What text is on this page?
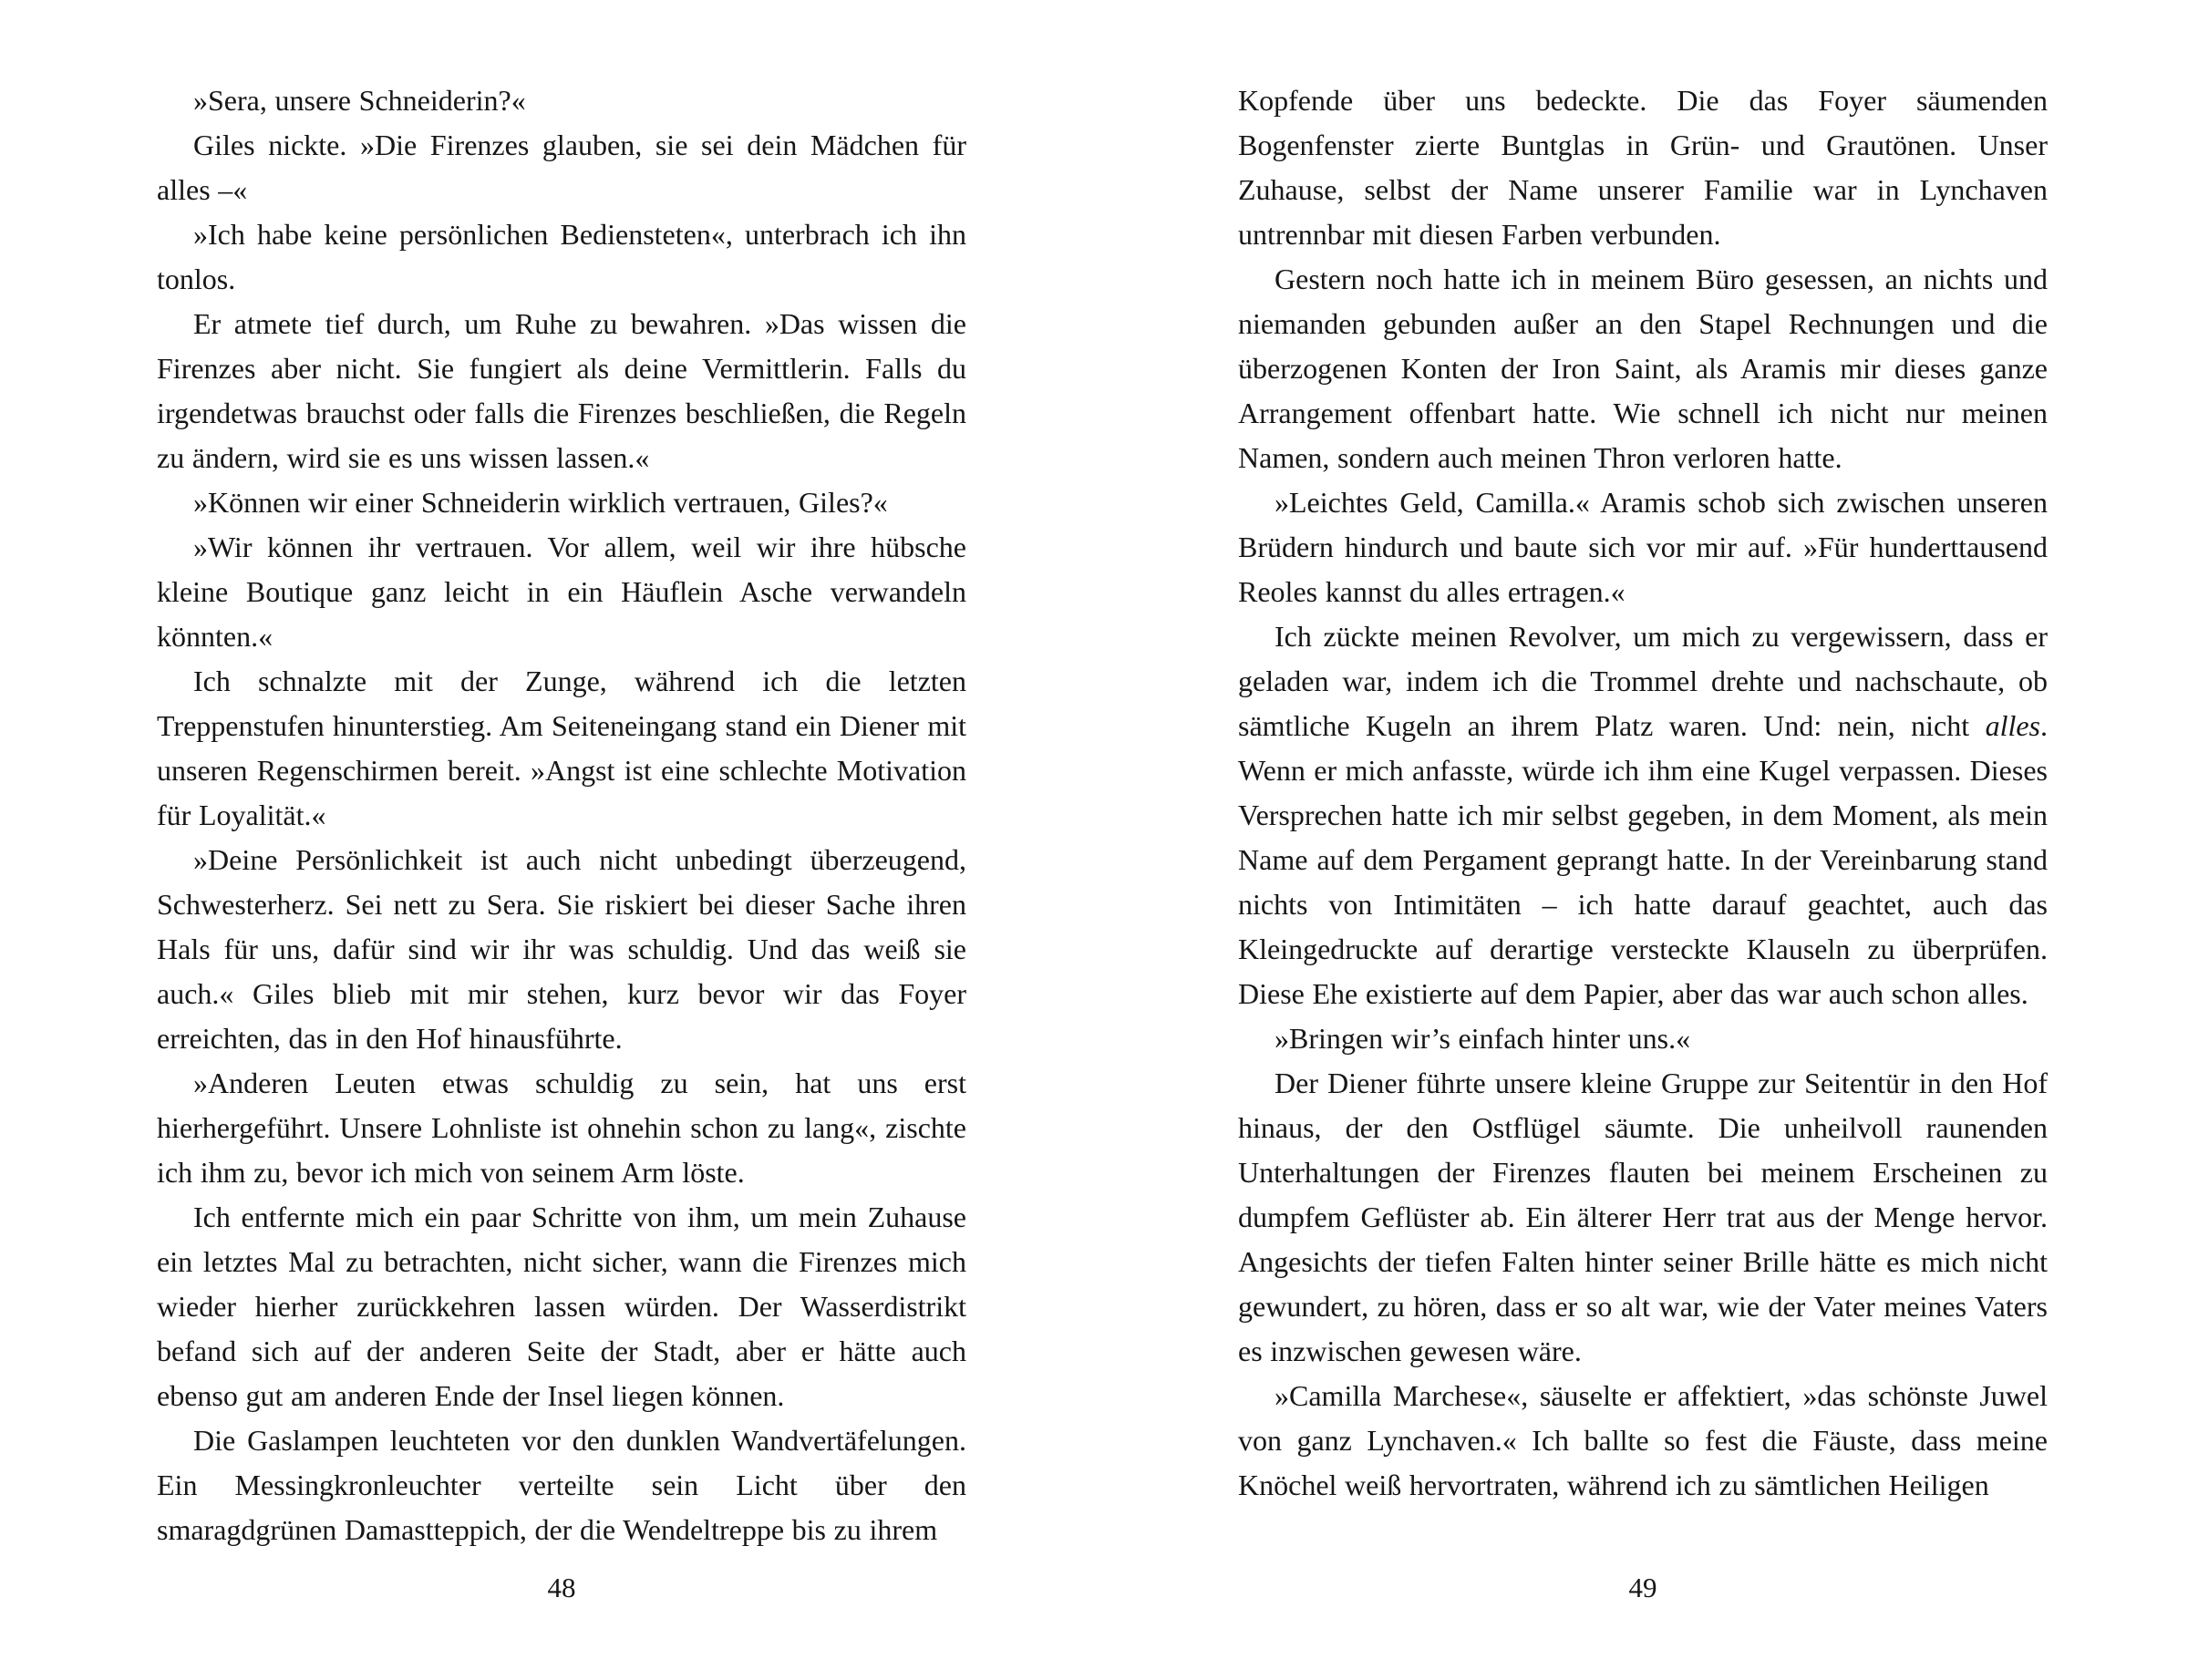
»Sera, unsere Schneiderin?«

Giles nickte. »Die Firenzes glauben, sie sei dein Mädchen für alles –«

»Ich habe keine persönlichen Bediensteten«, unterbrach ich ihn tonlos.

Er atmete tief durch, um Ruhe zu bewahren. »Das wissen die Firenzes aber nicht. Sie fungiert als deine Vermittlerin. Falls du irgendetwas brauchst oder falls die Firenzes beschließen, die Regeln zu ändern, wird sie es uns wissen lassen.«

»Können wir einer Schneiderin wirklich vertrauen, Giles?«

»Wir können ihr vertrauen. Vor allem, weil wir ihre hübsche kleine Boutique ganz leicht in ein Häuflein Asche verwandeln könnten.«

Ich schnalzte mit der Zunge, während ich die letzten Treppenstufen hinunterstieg. Am Seiteneingang stand ein Diener mit unseren Regenschirmen bereit. »Angst ist eine schlechte Motivation für Loyalität.«

»Deine Persönlichkeit ist auch nicht unbedingt überzeugend, Schwesterherz. Sei nett zu Sera. Sie riskiert bei dieser Sache ihren Hals für uns, dafür sind wir ihr was schuldig. Und das weiß sie auch.« Giles blieb mit mir stehen, kurz bevor wir das Foyer erreichten, das in den Hof hinausführte.

»Anderen Leuten etwas schuldig zu sein, hat uns erst hierhergeführt. Unsere Lohnliste ist ohnehin schon zu lang«, zischte ich ihm zu, bevor ich mich von seinem Arm löste.

Ich entfernte mich ein paar Schritte von ihm, um mein Zuhause ein letztes Mal zu betrachten, nicht sicher, wann die Firenzes mich wieder hierher zurückkehren lassen würden. Der Wasserdistrikt befand sich auf der anderen Seite der Stadt, aber er hätte auch ebenso gut am anderen Ende der Insel liegen können.

Die Gaslampen leuchteten vor den dunklen Wandvertäfelungen. Ein Messingkronleuchter verteilte sein Licht über den smaragdgrünen Damastteppich, der die Wendeltreppe bis zu ihrem

Kopfende über uns bedeckte. Die das Foyer säumenden Bogenfenster zierte Buntglas in Grün- und Grautönen. Unser Zuhause, selbst der Name unserer Familie war in Lynchaven untrennbar mit diesen Farben verbunden.

Gestern noch hatte ich in meinem Büro gesessen, an nichts und niemanden gebunden außer an den Stapel Rechnungen und die überzogenen Konten der Iron Saint, als Aramis mir dieses ganze Arrangement offenbart hatte. Wie schnell ich nicht nur meinen Namen, sondern auch meinen Thron verloren hatte.

»Leichtes Geld, Camilla.« Aramis schob sich zwischen unseren Brüdern hindurch und baute sich vor mir auf. »Für hunderttausend Reoles kannst du alles ertragen.«

Ich zückte meinen Revolver, um mich zu vergewissern, dass er geladen war, indem ich die Trommel drehte und nachschaute, ob sämtliche Kugeln an ihrem Platz waren. Und: nein, nicht alles. Wenn er mich anfasste, würde ich ihm eine Kugel verpassen. Dieses Versprechen hatte ich mir selbst gegeben, in dem Moment, als mein Name auf dem Pergament geprangt hatte. In der Vereinbarung stand nichts von Intimitäten – ich hatte darauf geachtet, auch das Kleingedruckte auf derartige versteckte Klauseln zu überprüfen. Diese Ehe existierte auf dem Papier, aber das war auch schon alles.

»Bringen wir’s einfach hinter uns.«

Der Diener führte unsere kleine Gruppe zur Seitentür in den Hof hinaus, der den Ostflügel säumte. Die unheilvoll raunenden Unterhaltungen der Firenzes flauten bei meinem Erscheinen zu dumpfem Geflüster ab. Ein älterer Herr trat aus der Menge hervor. Angesichts der tiefen Falten hinter seiner Brille hätte es mich nicht gewundert, zu hören, dass er so alt war, wie der Vater meines Vaters es inzwischen gewesen wäre.

»Camilla Marchese«, säuselte er affektiert, »das schönste Juwel von ganz Lynchaven.« Ich ballte so fest die Fäuste, dass meine Knöchel weiß hervortraten, während ich zu sämtlichen Heiligen

48	49
